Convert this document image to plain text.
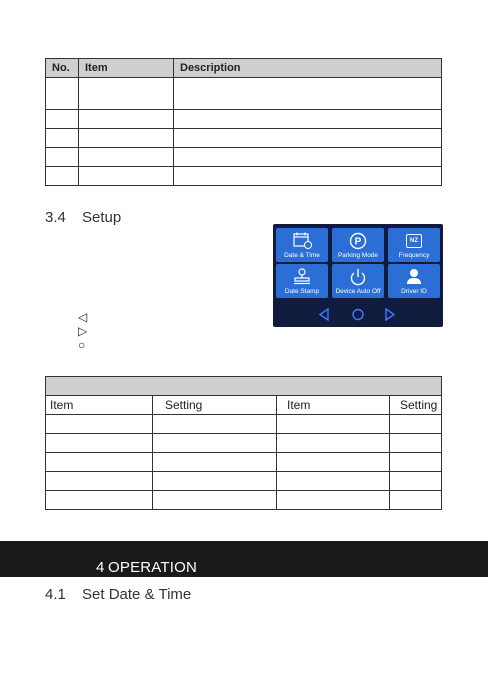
No.	Item	Description

3.4 Setup
◁
▷
○
Date & Time
P
Parking Mode
NZ
Frequency
Date Stamp	Device Auto Off	Driver ID

Item	Setting	Item	Setting

4 OPERATION
4.1 Set Date & Time
